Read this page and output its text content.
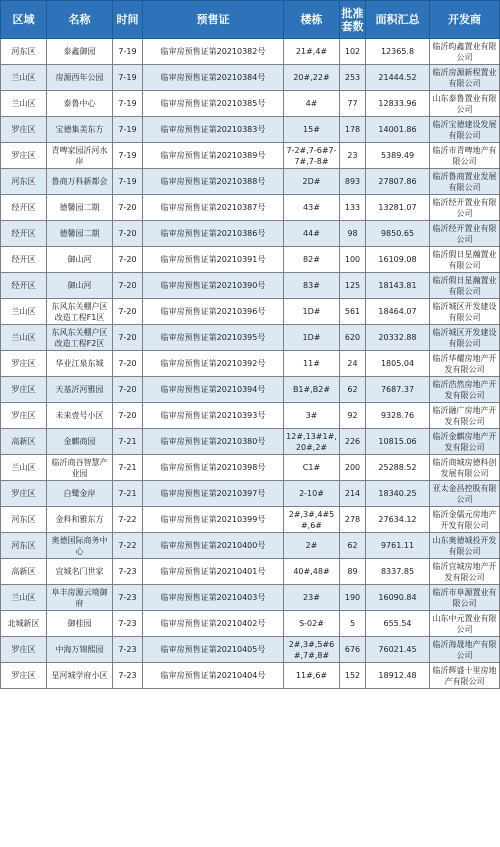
区域	名称	时间	预售证	楼栋	批准套数	面积汇总	开发商
河东区	泰鑫御园	7-19	临审房预售证第20210382号	21#,4#	102	12365.8	临沂昀鑫置业有限公司
兰山区	房源西年公园	7-19	临审房预售证第20210384号	20#,22#	253	21444.52	临沂房源新程置业有限公司
兰山区	泰鲁中心	7-19	临审房预售证第20210385号	4#	77	12833.96	山东泰鲁置业有限公司
罗庄区	宝德集美东方	7-19	临审房预售证第20210383号	15#	178	14001.86	临沂宝德建设发展有限公司
罗庄区	青啤家园沂河水岸	7-19	临审房预售证第20210389号	7-2#,7-6#7-7#,7-8#	23	5389.49	临沂市青啤地产有限公司
河东区	鲁商万科新都会	7-19	临审房预售证第20210388号	2D#	893	27807.86	临沂鲁商置业发展有限公司
经开区	德馨园二期	7-20	临审房预售证第20210387号	43#	133	13281.07	临沂经开置业有限公司
经开区	德馨园二期	7-20	临审房预售证第20210386号	44#	98	9850.65	临沂经开置业有限公司
经开区	御山河	7-20	临审房预售证第20210391号	82#	100	16109.08	临沂假日星瀚置业有限公司
经开区	御山河	7-20	临审房预售证第20210390号	83#	125	18143.81	临沂假日星瀚置业有限公司
兰山区	东风东关棚户区改造工程F1区	7-20	临审房预售证第20210396号	1D#	561	18464.07	临沂城区开发建设有限公司
兰山区	东风东关棚户区改造工程F2区	7-20	临审房预售证第20210395号	1D#	620	20332.88	临沂城区开发建设有限公司
罗庄区	华业江泉东城	7-20	临审房预售证第20210392号	11#	24	1805.04	临沂华耀房地产开发有限公司
罗庄区	天基沂河雅园	7-20	临审房预售证第20210394号	B1#,B2#	62	7687.37	临沂浩然房地产开发有限公司
罗庄区	未来壹号小区	7-20	临审房预售证第20210393号	3#	92	9328.76	临沂融广房地产开发有限公司
高新区	金麒商园	7-21	临审房预售证第20210380号	12#,13#1#,20#,2#	226	10815.06	临沂金麒房地产开发有限公司
兰山区	临沂商谷智慧产业园	7-21	临审房预售证第20210398号	C1#	200	25288.52	临沂商城房德科创发展有限公司
罗庄区	白鹭金岸	7-21	临审房预售证第20210397号	2-10#	214	18340.25	亚太金昌控股有限公司
河东区	金科和雅东方	7-22	临审房预售证第20210399号	2#,3#,4#5#,6#	278	27634.12	临沂金儒元房地产开发有限公司
河东区	奥德国际商务中心	7-22	临审房预售证第20210400号	2#	62	9761.11	山东奥德城投开发有限公司
高新区	宜城名门世家	7-23	临审房预售证第20210401号	40#,48#	89	8337.85	临沂宜城房地产开发有限公司
兰山区	阜丰房源云境御府	7-23	临审房预售证第20210403号	23#	190	16090.84	临沂市阜源置业有限公司
北城新区	御桂园	7-23	临审房预售证第20210402号	S-02#	5	655.54	山东中元置业有限公司
罗庄区	中海万锦熙园	7-23	临审房预售证第20210405号	2#,3#,5#6#,7#,8#	676	76021.45	临沂海晟地产有限公司
罗庄区	星河城学府小区	7-23	临审房预售证第20210404号	11#,6#	152	18912.48	临沂辉盛十里房地产有限公司
